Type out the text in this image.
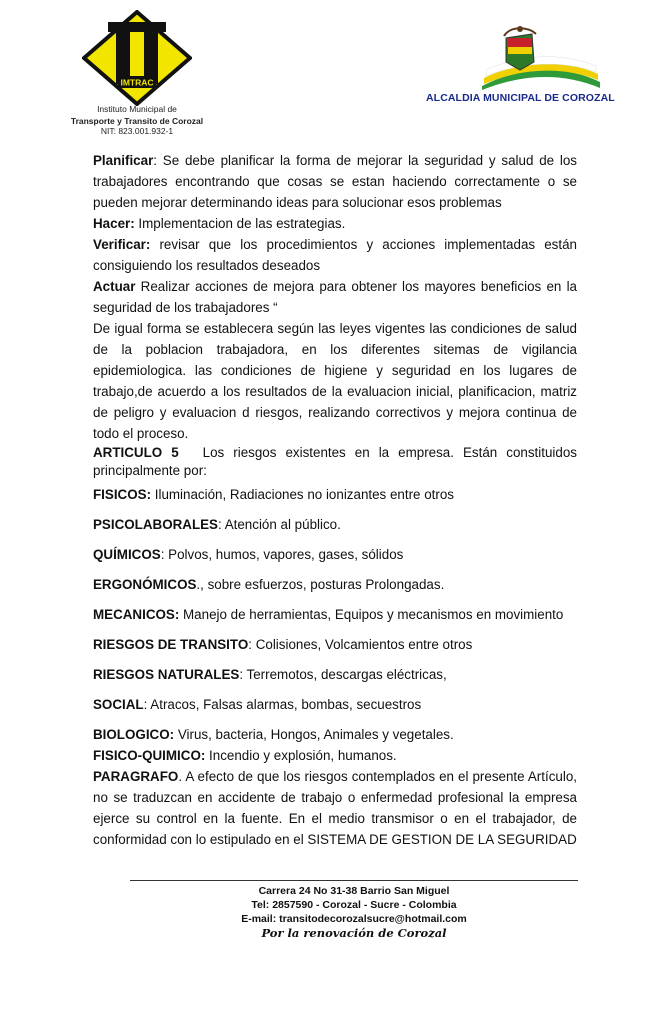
IMTRAC
Instituto Municipal de
Transporte y Transito de Corozal
NIT: 823.001.932-1
ALCALDIA MUNICIPAL DE COROZAL

Planificar: Se debe planificar la forma de mejorar la seguridad y salud de los trabajadores encontrando que cosas se estan haciendo correctamente o se pueden mejorar determinando ideas para solucionar esos problemas

Hacer: Implementacion de las estrategias.

Verificar: revisar que los procedimientos y acciones implementadas están consiguiendo los resultados deseados

Actuar Realizar acciones de mejora para obtener los mayores beneficios en la seguridad de los trabajadores “

De igual forma se establecera según las leyes vigentes las condiciones de salud de la poblacion trabajadora, en los diferentes sitemas de vigilancia epidemiologica. las condiciones de higiene y seguridad en los lugares de trabajo,de acuerdo a los resultados de la evaluacion inicial, planificacion, matriz de peligro y evaluacion d riesgos, realizando correctivos y mejora continua de todo el proceso.

ARTICULO 5 Los riesgos existentes en la empresa. Están constituidos principalmente por:

FISICOS: Iluminación, Radiaciones no ionizantes entre otros

PSICOLABORALES: Atención al público.

QUÍMICOS: Polvos, humos, vapores, gases, sólidos

ERGONÓMICOS., sobre esfuerzos, posturas Prolongadas.

MECANICOS: Manejo de herramientas, Equipos y mecanismos en movimiento

RIESGOS DE TRANSITO: Colisiones, Volcamientos entre otros

RIESGOS NATURALES: Terremotos, descargas eléctricas,

SOCIAL: Atracos, Falsas alarmas, bombas, secuestros

BIOLOGICO: Virus, bacteria, Hongos, Animales y vegetales.

FISICO-QUIMICO: Incendio y explosión, humanos.

PARAGRAFO. A efecto de que los riesgos contemplados en el presente Artículo, no se traduzcan en accidente de trabajo o enfermedad profesional la empresa ejerce su control en la fuente. En el medio transmisor o en el trabajador, de conformidad con lo estipulado en el SISTEMA DE GESTION DE LA SEGURIDAD

Carrera 24 No 31-38 Barrio San Miguel
Tel: 2857590 - Corozal - Sucre - Colombia
E-mail: transitodecorozalsucre@hotmail.com
Por la renovación de Corozal
